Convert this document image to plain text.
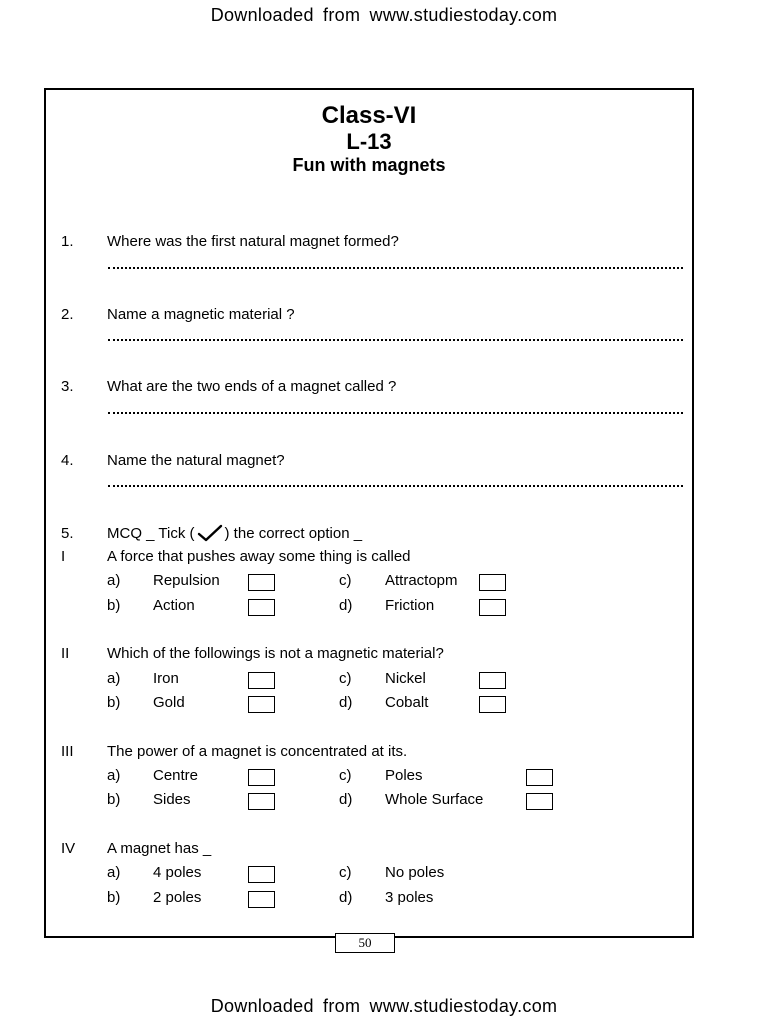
Downloaded from www.studiestoday.com
Class-VI
L-13
Fun with magnets
1. Where was the first natural magnet formed?
2. Name a magnetic material ?
3. What are the two ends of a magnet called ?
4. Name the natural magnet?
5. MCQ _ Tick ( ) the correct option _
I	A force that pushes away some thing is called
a) Repulsion	c) Attractopm
b) Action	d) Friction
II	Which of the followings is not a magnetic material?
a) Iron	c) Nickel
b) Gold	d) Cobalt
III The power of a magnet is concentrated at its.
a) Centre	c) Poles
b) Sides	d) Whole Surface
IV A magnet has _
a) 4 poles	c) No poles
b) 2 poles	d) 3 poles
50
Downloaded from www.studiestoday.com
